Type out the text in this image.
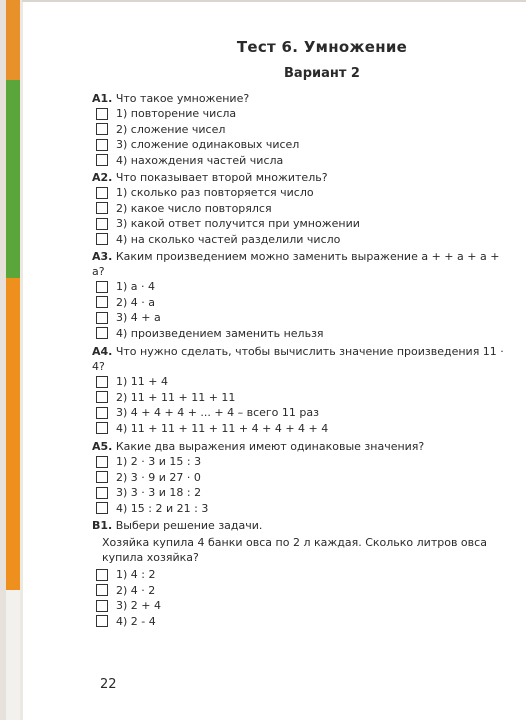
Тест 6. Умножение
Вариант 2

А1. Что такое умножение?

1) повторение числа
2) сложение чисел
3) сложение одинаковых чисел
4) нахождения частей числа

А2. Что показывает второй множитель?

1) сколько раз повторяется число
2) какое число повторялся
3) какой ответ получится при умножении
4) на сколько частей разделили число

А3. Каким произведением можно заменить выражение a + + a + a + a?

1) a · 4
2) 4 · a
3) 4 + a
4) произведением заменить нельзя

А4. Что нужно сделать, чтобы вычислить значение произведения 11 · 4?

1) 11 + 4
2) 11 + 11 + 11 + 11
3) 4 + 4 + 4 + ... + 4 – всего 11 раз
4) 11 + 11 + 11 + 11 + 4 + 4 + 4 + 4

А5. Какие два выражения имеют одинаковые значения?

1) 2 · 3 и 15 : 3
2) 3 · 9 и 27 · 0
3) 3 · 3 и 18 : 2
4) 15 : 2 и 21 : 3

В1. Выбери решение задачи.

Хозяйка купила 4 банки овса по 2 л каждая. Сколько литров овса купила хозяйка?

1) 4 : 2
2) 4 · 2
3) 2 + 4
4) 2 - 4
22
